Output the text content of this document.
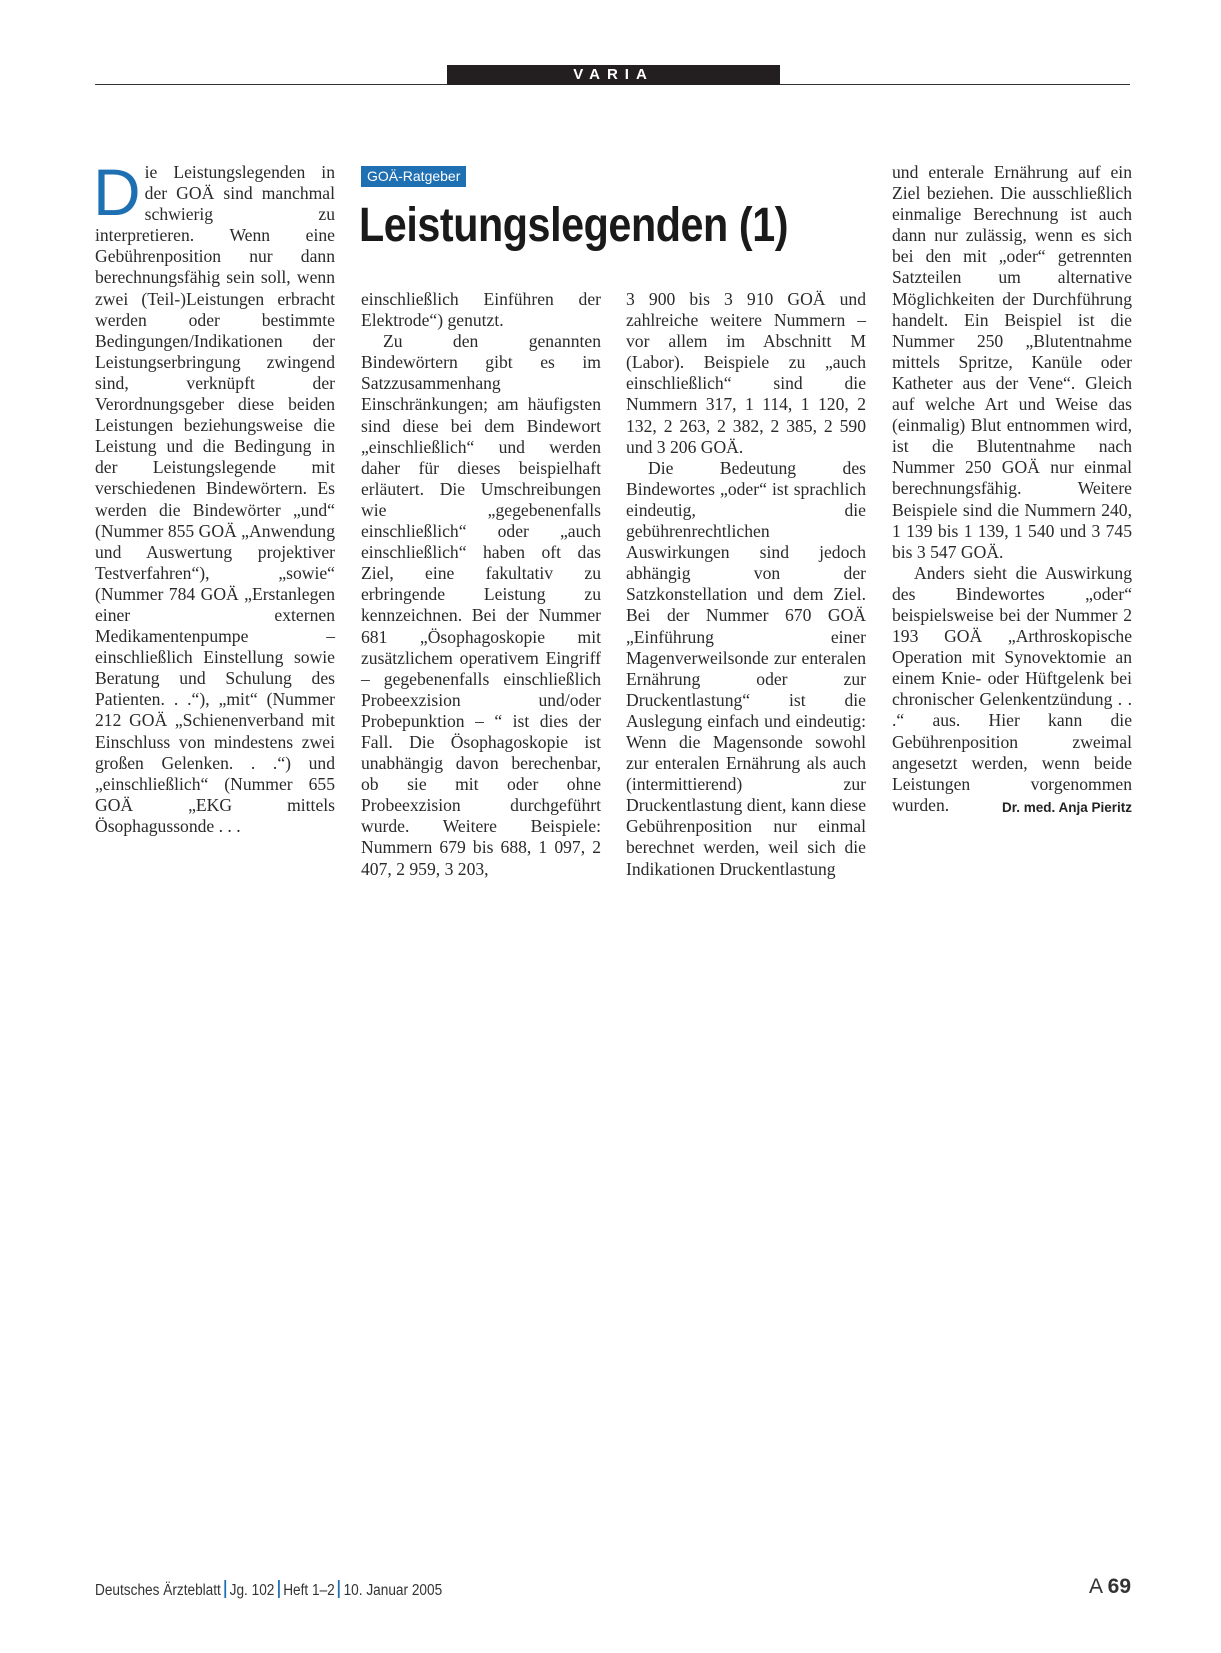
VARIA

Die Leistungslegenden in der GOÄ sind manchmal schwierig zu interpretieren. Wenn eine Gebührenposition nur dann berechnungsfähig sein soll, wenn zwei (Teil-)Leistungen erbracht werden oder bestimmte Bedingungen/Indikationen der Leistungserbringung zwingend sind, verknüpft der Verordnungsgeber diese beiden Leistungen beziehungsweise die Leistung und die Bedingung in der Leistungslegende mit verschiedenen Bindewörtern. Es werden die Bindewörter „und“ (Nummer 855 GOÄ „Anwendung und Auswertung projektiver Testverfahren“), „sowie“ (Nummer 784 GOÄ „Erstanlegen einer externen Medikamentenpumpe – einschließlich Einstellung sowie Beratung und Schulung des Patienten. . .“), „mit“ (Nummer 212 GOÄ „Schienenverband mit Einschluss von mindestens zwei großen Gelenken. . .“) und „einschließlich“ (Nummer 655 GOÄ „EKG mittels Ösophagussonde . . .

GOÄ-Ratgeber
Leistungslegenden (1)

einschließlich Einführen der Elektrode“) genutzt.

Zu den genannten Bindewörtern gibt es im Satzzusammenhang Einschränkungen; am häufigsten sind diese bei dem Bindewort „einschließlich“ und werden daher für dieses beispielhaft erläutert. Die Umschreibungen wie „gegebenenfalls einschließlich“ oder „auch einschließlich“ haben oft das Ziel, eine fakultativ zu erbringende Leistung zu kennzeichnen. Bei der Nummer 681 „Ösophagoskopie mit zusätzlichem operativem Eingriff – gegebenenfalls einschließlich Probeexzision und/oder Probepunktion – “ ist dies der Fall. Die Ösophagoskopie ist unabhängig davon berechenbar, ob sie mit oder ohne Probeexzision durchgeführt wurde. Weitere Beispiele: Nummern 679 bis 688, 1 097, 2 407, 2 959, 3 203,

3 900 bis 3 910 GOÄ und zahlreiche weitere Nummern – vor allem im Abschnitt M (Labor). Beispiele zu „auch einschließlich“ sind die Nummern 317, 1 114, 1 120, 2 132, 2 263, 2 382, 2 385, 2 590 und 3 206 GOÄ.

Die Bedeutung des Bindewortes „oder“ ist sprachlich eindeutig, die gebührenrechtlichen Auswirkungen sind jedoch abhängig von der Satzkonstellation und dem Ziel. Bei der Nummer 670 GOÄ „Einführung einer Magenverweilsonde zur enteralen Ernährung oder zur Druckentlastung“ ist die Auslegung einfach und eindeutig: Wenn die Magensonde sowohl zur enteralen Ernährung als auch (intermittierend) zur Druckentlastung dient, kann diese Gebührenposition nur einmal berechnet werden, weil sich die Indikationen Druckentlastung

und enterale Ernährung auf ein Ziel beziehen. Die ausschließlich einmalige Berechnung ist auch dann nur zulässig, wenn es sich bei den mit „oder“ getrennten Satzteilen um alternative Möglichkeiten der Durchführung handelt. Ein Beispiel ist die Nummer 250 „Blutentnahme mittels Spritze, Kanüle oder Katheter aus der Vene“. Gleich auf welche Art und Weise das (einmalig) Blut entnommen wird, ist die Blutentnahme nach Nummer 250 GOÄ nur einmal berechnungsfähig. Weitere Beispiele sind die Nummern 240, 1 139 bis 1 139, 1 540 und 3 745 bis 3 547 GOÄ.

Anders sieht die Auswirkung des Bindewortes „oder“ beispielsweise bei der Nummer 2 193 GOÄ „Arthroskopische Operation mit Synovektomie an einem Knie- oder Hüftgelenk bei chronischer Gelenkentzündung . . .“ aus. Hier kann die Gebührenposition zweimal angesetzt werden, wenn beide Leistungen vorgenommen wurden.	Dr. med. Anja Pieritz

Deutsches Ärzteblatt Jg. 102 Heft 1–2 10. Januar 2005	A 69
